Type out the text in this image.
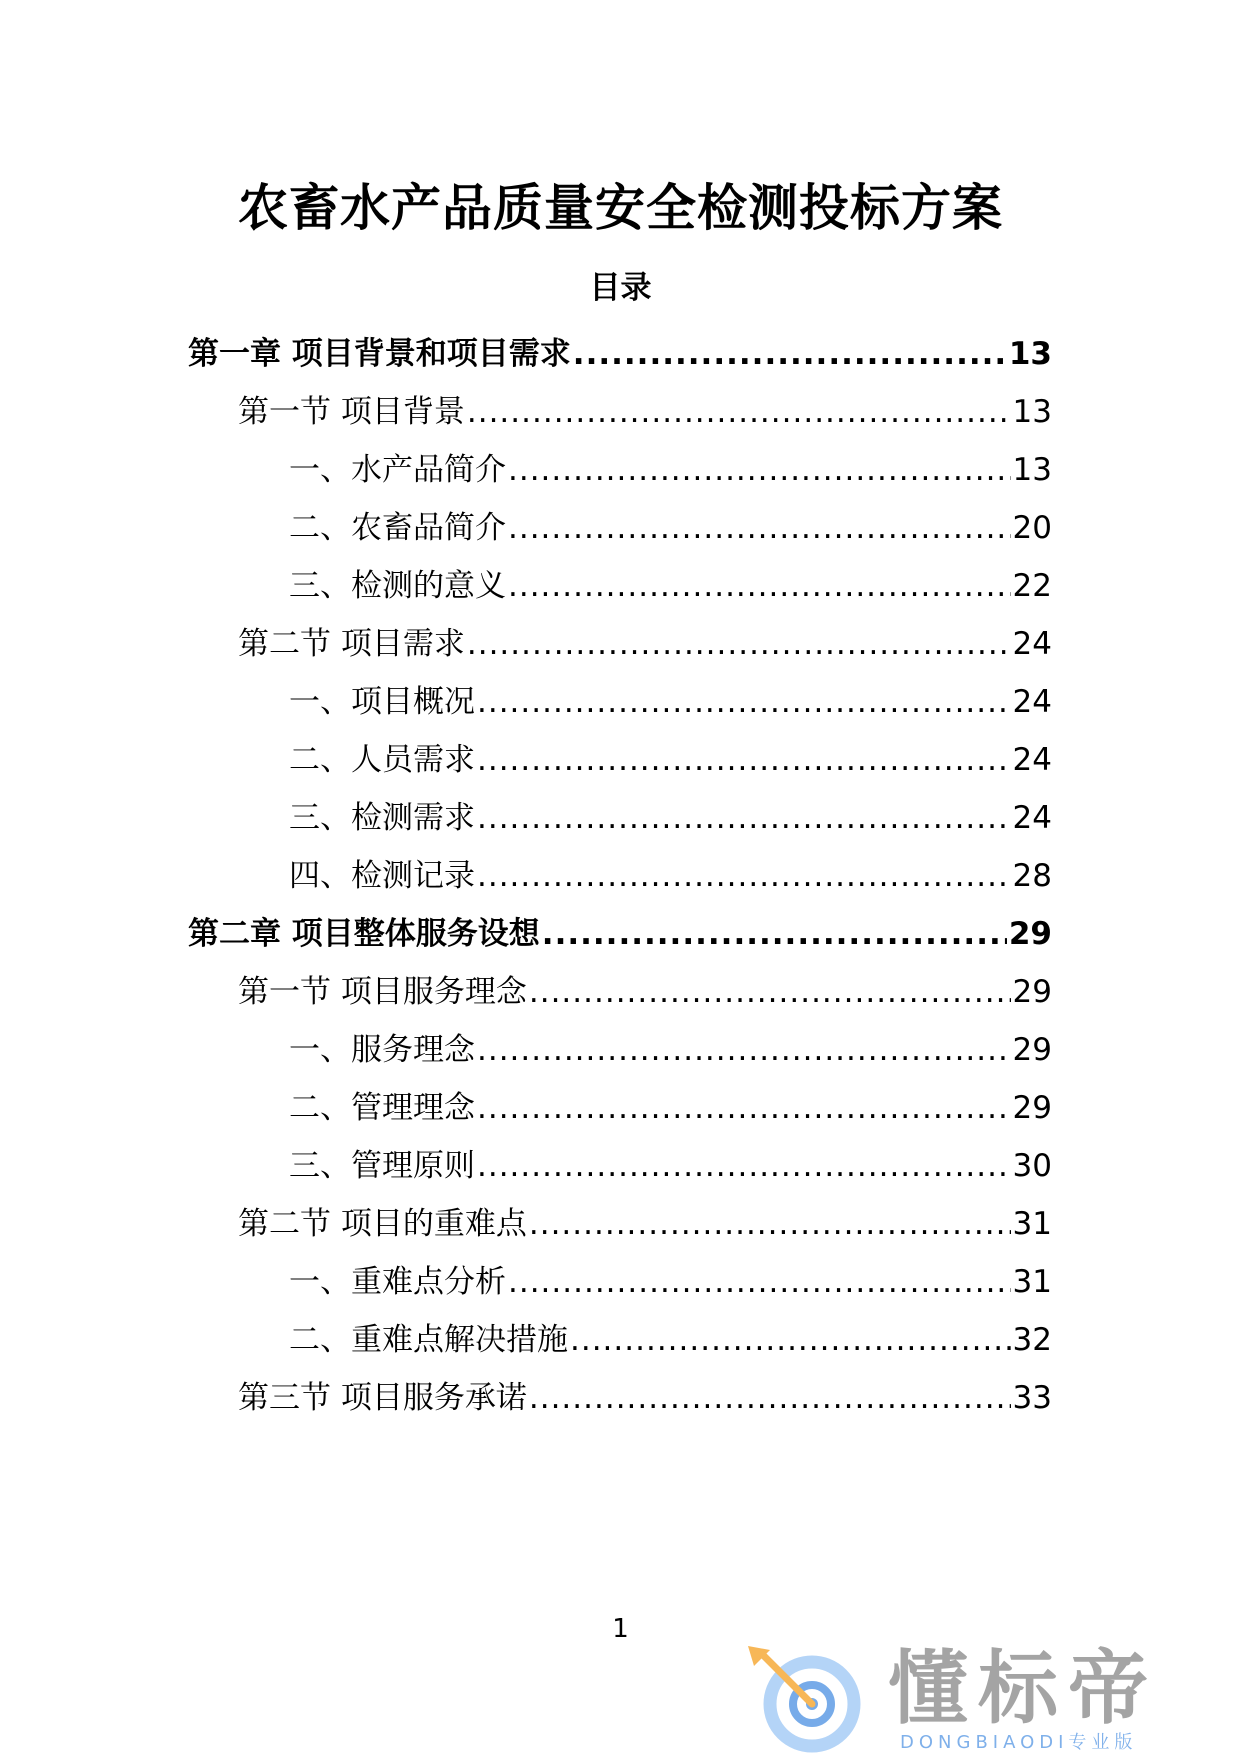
农畜水产品质量安全检测投标方案
目录
第一章 项目背景和项目需求 .....	13
第一节 项目背景 .....	13
一、水产品简介 .....	13
二、农畜品简介 .....	20
三、检测的意义 .....	22
第二节 项目需求 .....	24
一、项目概况 .....	24
二、人员需求 .....	24
三、检测需求 .....	24
四、检测记录 .....	28
第二章 项目整体服务设想 .....	29
第一节 项目服务理念 .....	29
一、服务理念 .....	29
二、管理理念 .....	29
三、管理原则 .....	30
第二节 项目的重难点 .....	31
一、重难点分析 .....	31
二、重难点解决措施 .....	32
第三节 项目服务承诺 .....	33
1
懂标帝
DONGBIAODI专业版
